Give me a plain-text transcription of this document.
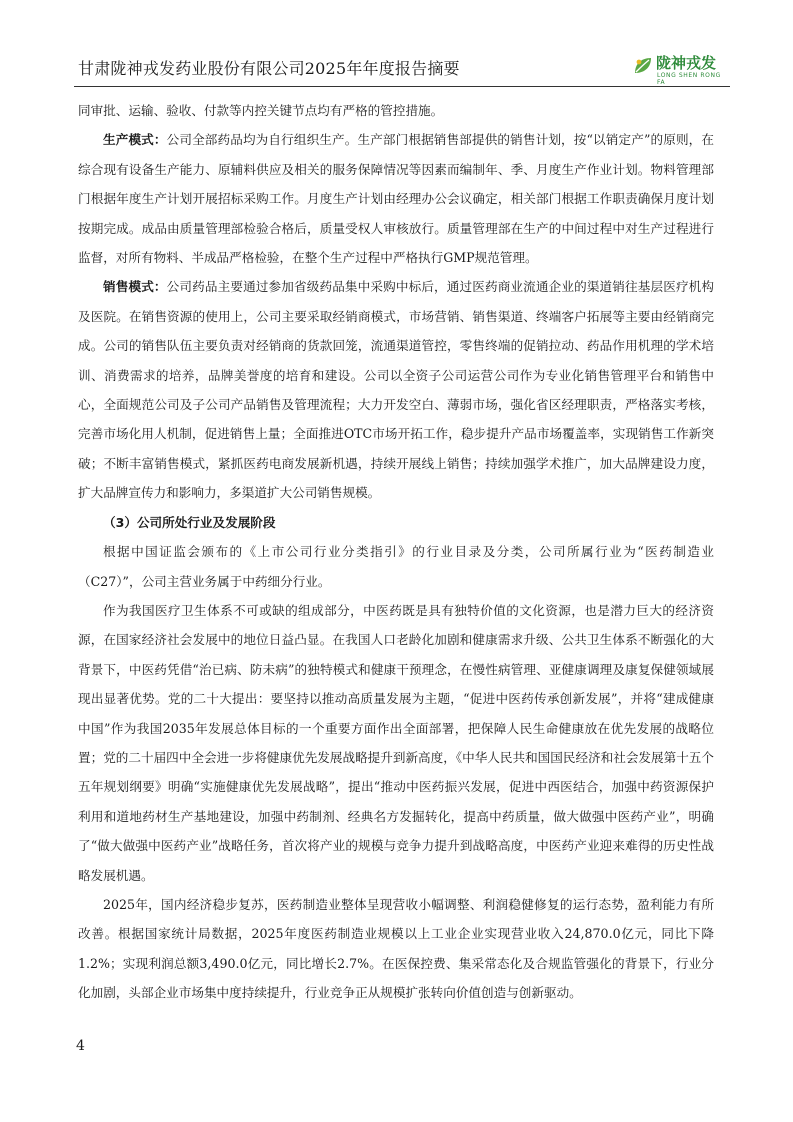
甘肃陇神戎发药业股份有限公司2025年年度报告摘要	陇神戎发
LONG SHEN RONG FA

同审批、运输、验收、付款等内控关键节点均有严格的管控措施。

生产模式：公司全部药品均为自行组织生产。生产部门根据销售部提供的销售计划，按“以销定产”的原则，在综合现有设备生产能力、原辅料供应及相关的服务保障情况等因素而编制年、季、月度生产作业计划。物料管理部门根据年度生产计划开展招标采购工作。月度生产计划由经理办公会议确定，相关部门根据工作职责确保月度计划按期完成。成品由质量管理部检验合格后，质量受权人审核放行。质量管理部在生产的中间过程中对生产过程进行监督，对所有物料、半成品严格检验，在整个生产过程中严格执行GMP规范管理。

销售模式：公司药品主要通过参加省级药品集中采购中标后，通过医药商业流通企业的渠道销往基层医疗机构及医院。在销售资源的使用上，公司主要采取经销商模式，市场营销、销售渠道、终端客户拓展等主要由经销商完成。公司的销售队伍主要负责对经销商的货款回笼，流通渠道管控，零售终端的促销拉动、药品作用机理的学术培训、消费需求的培养，品牌美誉度的培育和建设。公司以全资子公司运营公司作为专业化销售管理平台和销售中心，全面规范公司及子公司产品销售及管理流程；大力开发空白、薄弱市场，强化省区经理职责，严格落实考核，完善市场化用人机制，促进销售上量；全面推进OTC市场开拓工作，稳步提升产品市场覆盖率，实现销售工作新突破；不断丰富销售模式，紧抓医药电商发展新机遇，持续开展线上销售；持续加强学术推广，加大品牌建设力度，扩大品牌宣传力和影响力，多渠道扩大公司销售规模。

（3）公司所处行业及发展阶段

根据中国证监会颁布的《上市公司行业分类指引》的行业目录及分类，公司所属行业为“医药制造业（C27）”，公司主营业务属于中药细分行业。

作为我国医疗卫生体系不可或缺的组成部分，中医药既是具有独特价值的文化资源，也是潜力巨大的经济资源，在国家经济社会发展中的地位日益凸显。在我国人口老龄化加剧和健康需求升级、公共卫生体系不断强化的大背景下，中医药凭借“治已病、防未病”的独特模式和健康干预理念，在慢性病管理、亚健康调理及康复保健领域展现出显著优势。党的二十大提出：要坚持以推动高质量发展为主题，“促进中医药传承创新发展”，并将“建成健康中国”作为我国2035年发展总体目标的一个重要方面作出全面部署，把保障人民生命健康放在优先发展的战略位置；党的二十届四中全会进一步将健康优先发展战略提升到新高度，《中华人民共和国国民经济和社会发展第十五个五年规划纲要》明确“实施健康优先发展战略”，提出“推动中医药振兴发展，促进中西医结合，加强中药资源保护利用和道地药材生产基地建设，加强中药制剂、经典名方发掘转化，提高中药质量，做大做强中医药产业”，明确了“做大做强中医药产业”战略任务，首次将产业的规模与竞争力提升到战略高度，中医药产业迎来难得的历史性战略发展机遇。

2025年，国内经济稳步复苏，医药制造业整体呈现营收小幅调整、利润稳健修复的运行态势，盈利能力有所改善。根据国家统计局数据，2025年度医药制造业规模以上工业企业实现营业收入24,870.0亿元，同比下降1.2%；实现利润总额3,490.0亿元，同比增长2.7%。在医保控费、集采常态化及合规监管强化的背景下，行业分化加剧，头部企业市场集中度持续提升，行业竞争正从规模扩张转向价值创造与创新驱动。

4
